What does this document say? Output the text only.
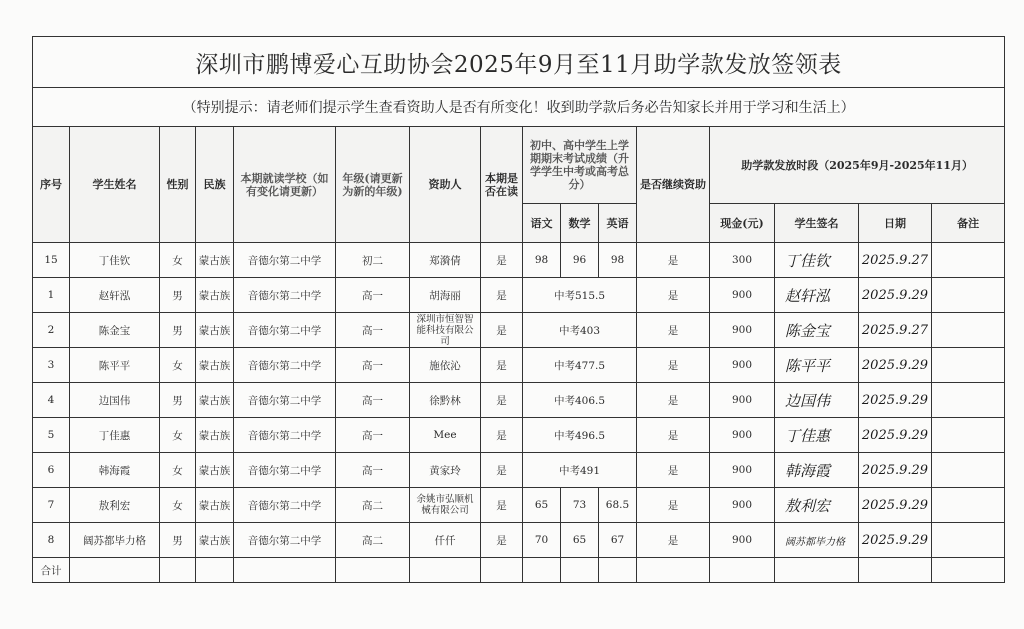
深圳市鹏博爱心互助协会2025年9月至11月助学款发放签领表															
（特别提示：请老师们提示学生查看资助人是否有所变化！收到助学款后务必告知家长并用于学习和生活上）															
序号	学生姓名	性别	民族	本期就读学校（如有变化请更新）	年级(请更新为新的年级)	资助人	本期是否在读	初中、高中学生上学期期末考试成绩（升学学生中考或高考总分）			是否继续资助	助学款发放时段（2025年9月-2025年11月）			
								语文	数学	英语		现金(元)	学生签名	日期	备注
15	丁佳钦	女	蒙古族	音德尔第二中学	初二	郑漪倩	是	98	96	98	是	300	丁佳钦	2025.9.27	
1	赵轩泓	男	蒙古族	音德尔第二中学	高一	胡海丽	是	中考515.5			是	900	赵轩泓	2025.9.29	
2	陈金宝	男	蒙古族	音德尔第二中学	高一	深圳市恒智智能科技有限公司	是	中考403			是	900	陈金宝	2025.9.27	
3	陈平平	女	蒙古族	音德尔第二中学	高一	施依沁	是	中考477.5			是	900	陈平平	2025.9.29	
4	边国伟	男	蒙古族	音德尔第二中学	高一	徐黔林	是	中考406.5			是	900	边国伟	2025.9.29	
5	丁佳惠	女	蒙古族	音德尔第二中学	高一	Mee	是	中考496.5			是	900	丁佳惠	2025.9.29	
6	韩海霞	女	蒙古族	音德尔第二中学	高一	黄家玲	是	中考491			是	900	韩海霞	2025.9.29	
7	敖利宏	女	蒙古族	音德尔第二中学	高二	余姚市弘顺机械有限公司	是	65	73	68.5	是	900	敖利宏	2025.9.29	
8	阔苏都毕力格	男	蒙古族	音德尔第二中学	高二	仟仟	是	70	65	67	是	900	阔苏都毕力格	2025.9.29	
合计															
